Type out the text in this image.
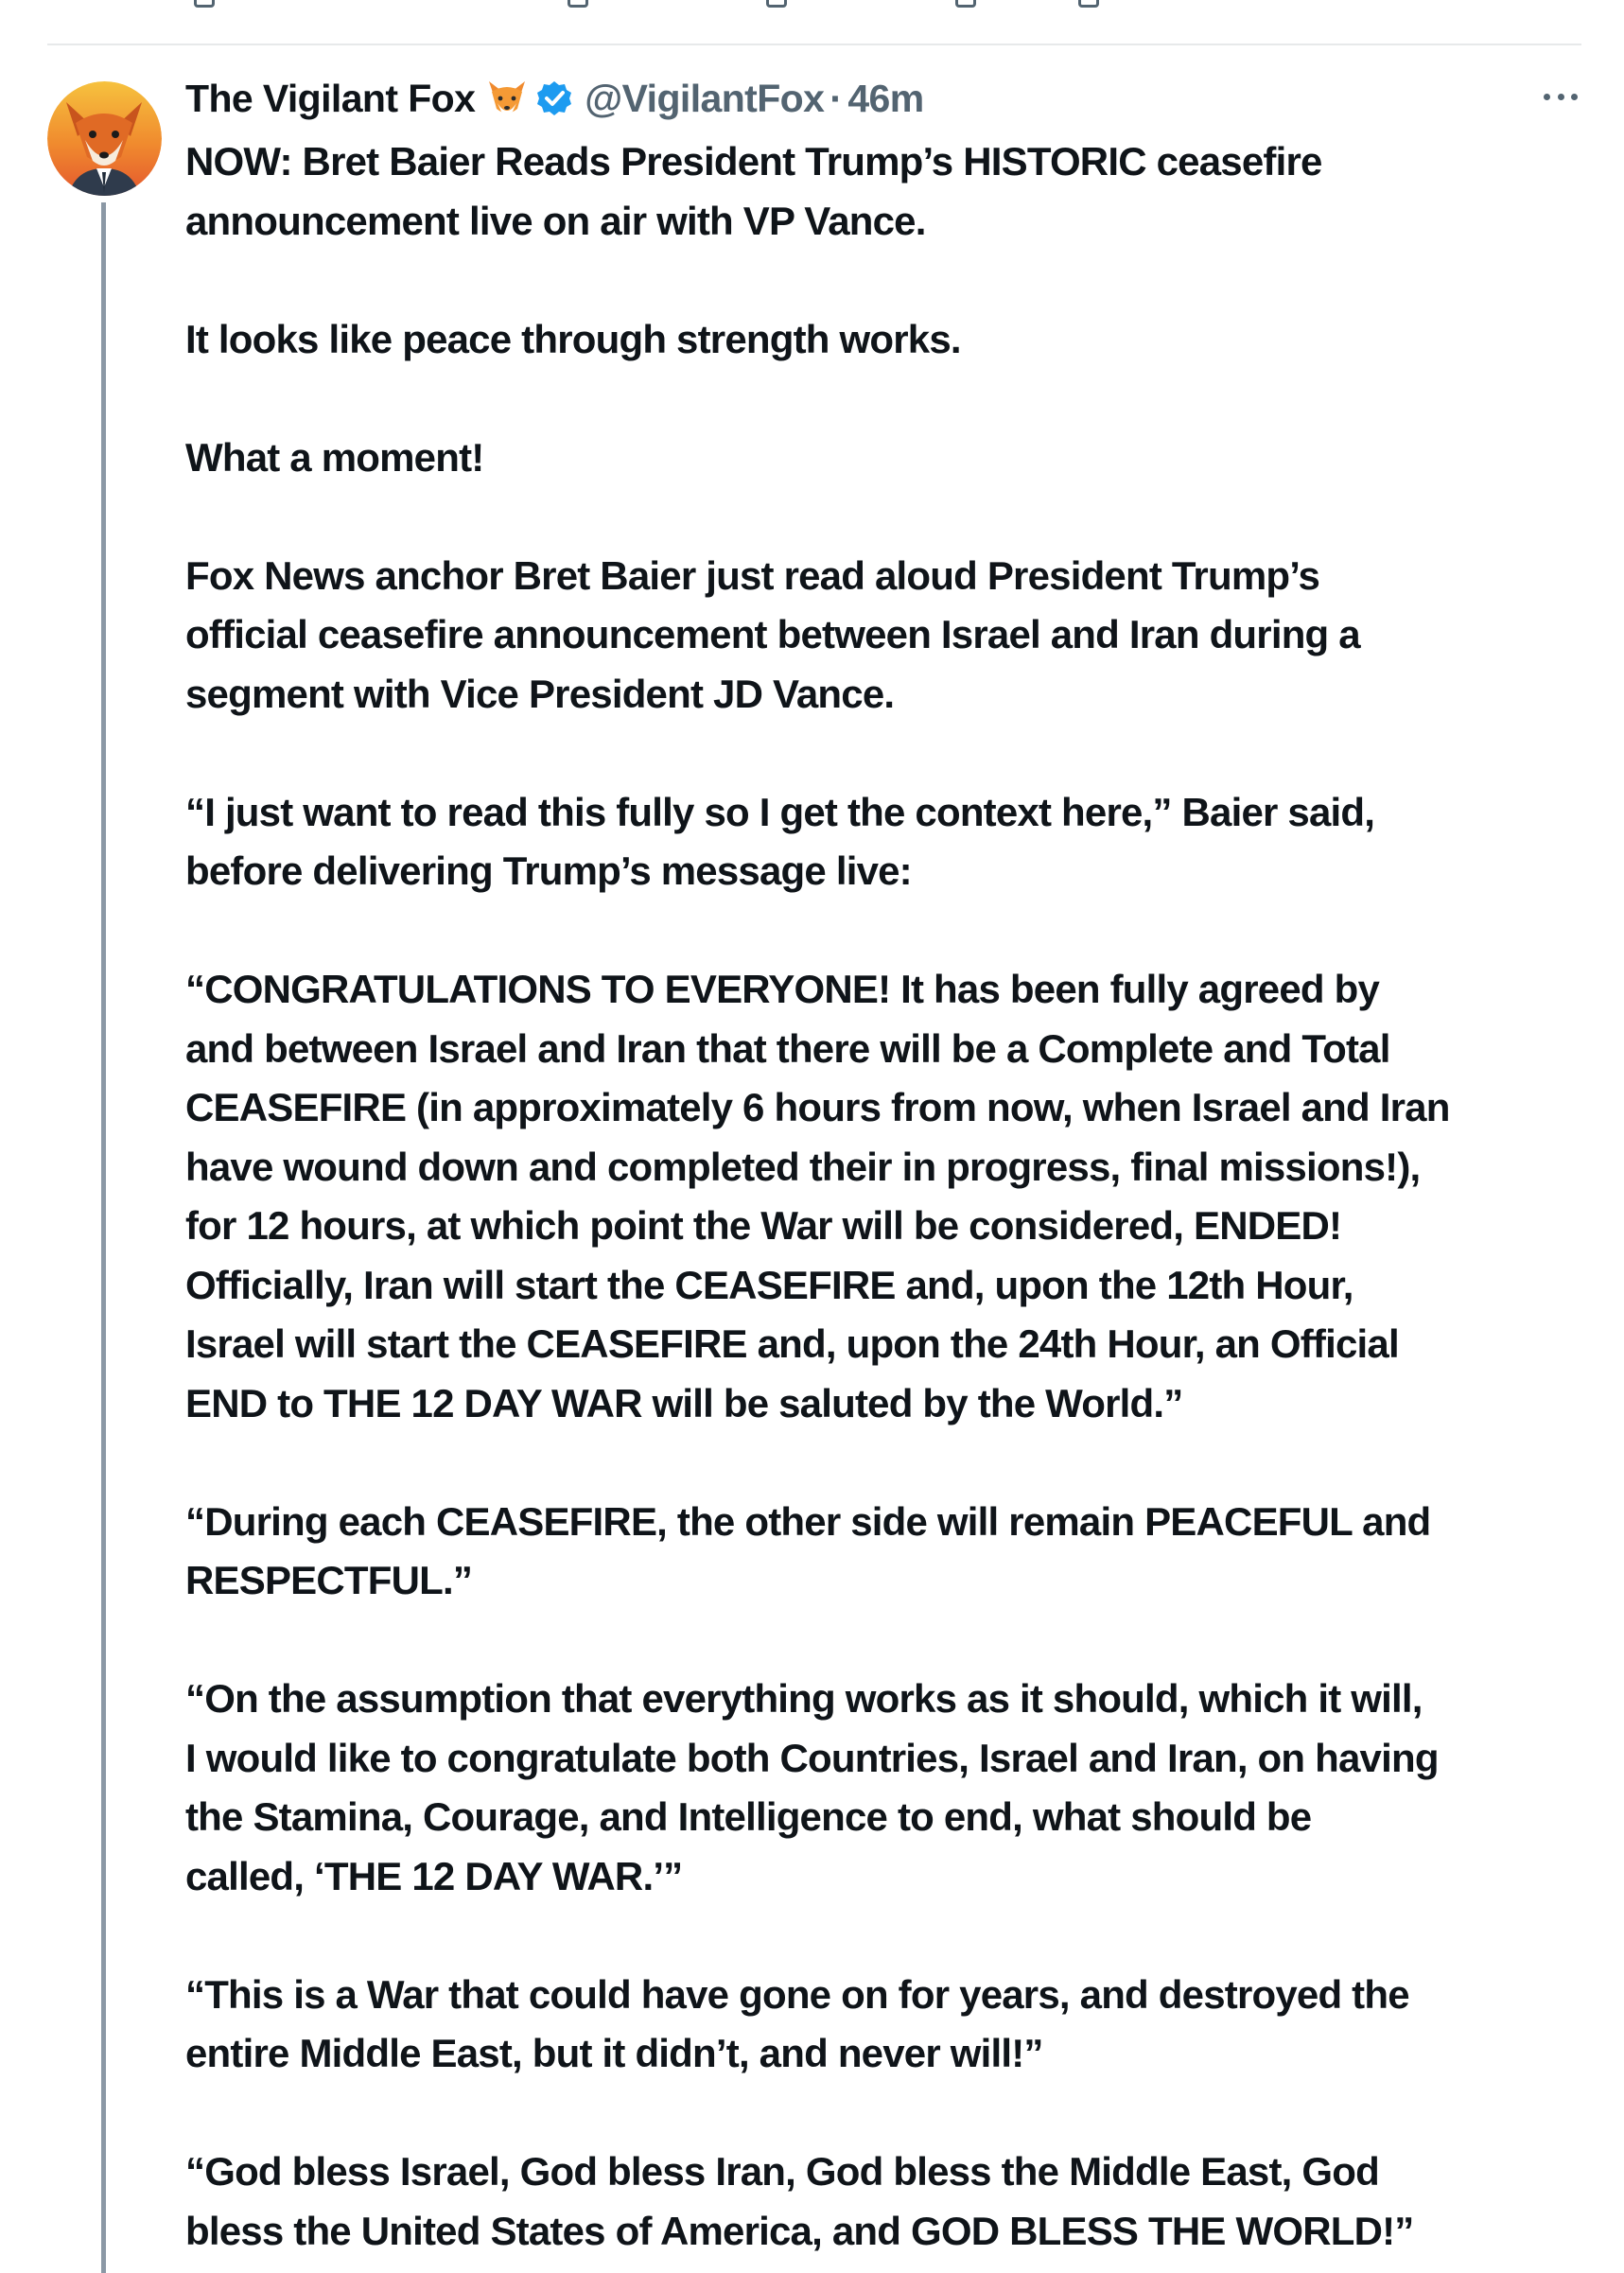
The Vigilant Fox	@VigilantFox · 46m
NOW: Bret Baier Reads President Trump’s HISTORIC ceasefire
announcement live on air with VP Vance.
It looks like peace through strength works.
What a moment!
Fox News anchor Bret Baier just read aloud President Trump’s
official ceasefire announcement between Israel and Iran during a
segment with Vice President JD Vance.
“I just want to read this fully so I get the context here,” Baier said,
before delivering Trump’s message live:
“CONGRATULATIONS TO EVERYONE! It has been fully agreed by
and between Israel and Iran that there will be a Complete and Total
CEASEFIRE (in approximately 6 hours from now, when Israel and Iran
have wound down and completed their in progress, final missions!),
for 12 hours, at which point the War will be considered, ENDED!
Officially, Iran will start the CEASEFIRE and, upon the 12th Hour,
Israel will start the CEASEFIRE and, upon the 24th Hour, an Official
END to THE 12 DAY WAR will be saluted by the World.”
“During each CEASEFIRE, the other side will remain PEACEFUL and
RESPECTFUL.”
“On the assumption that everything works as it should, which it will,
I would like to congratulate both Countries, Israel and Iran, on having
the Stamina, Courage, and Intelligence to end, what should be
called, ‘THE 12 DAY WAR.’”
“This is a War that could have gone on for years, and destroyed the
entire Middle East, but it didn’t, and never will!”
“God bless Israel, God bless Iran, God bless the Middle East, God
bless the United States of America, and GOD BLESS THE WORLD!”
